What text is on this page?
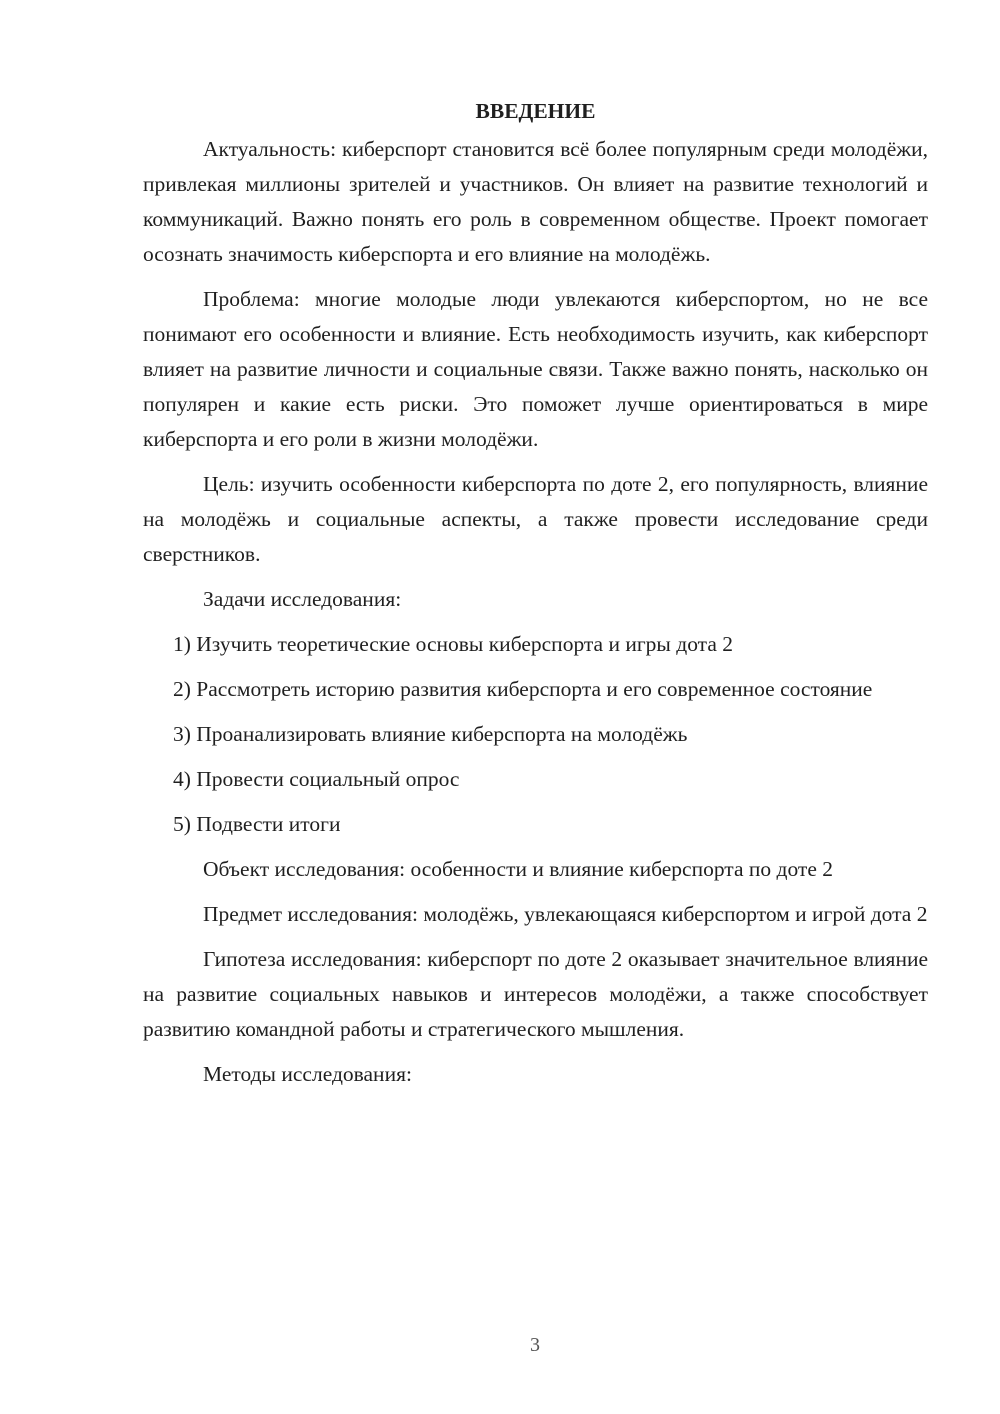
ВВЕДЕНИЕ

Актуальность: киберспорт становится всё более популярным среди молодёжи, привлекая миллионы зрителей и участников. Он влияет на развитие технологий и коммуникаций. Важно понять его роль в современном обществе. Проект помогает осознать значимость киберспорта и его влияние на молодёжь.

Проблема: многие молодые люди увлекаются киберспортом, но не все понимают его особенности и влияние. Есть необходимость изучить, как киберспорт влияет на развитие личности и социальные связи. Также важно понять, насколько он популярен и какие есть риски. Это поможет лучше ориентироваться в мире киберспорта и его роли в жизни молодёжи.

Цель: изучить особенности киберспорта по доте 2, его популярность, влияние на молодёжь и социальные аспекты, а также провести исследование среди сверстников.

Задачи исследования:

1) Изучить теоретические основы киберспорта и игры дота 2

2) Рассмотреть историю развития киберспорта и его современное состояние

3) Проанализировать влияние киберспорта на молодёжь

4) Провести социальный опрос

5) Подвести итоги

Объект исследования: особенности и влияние киберспорта по доте 2

Предмет исследования: молодёжь, увлекающаяся киберспортом и игрой дота 2

Гипотеза исследования: киберспорт по доте 2 оказывает значительное влияние на развитие социальных навыков и интересов молодёжи, а также способствует развитию командной работы и стратегического мышления.

Методы исследования:

3
